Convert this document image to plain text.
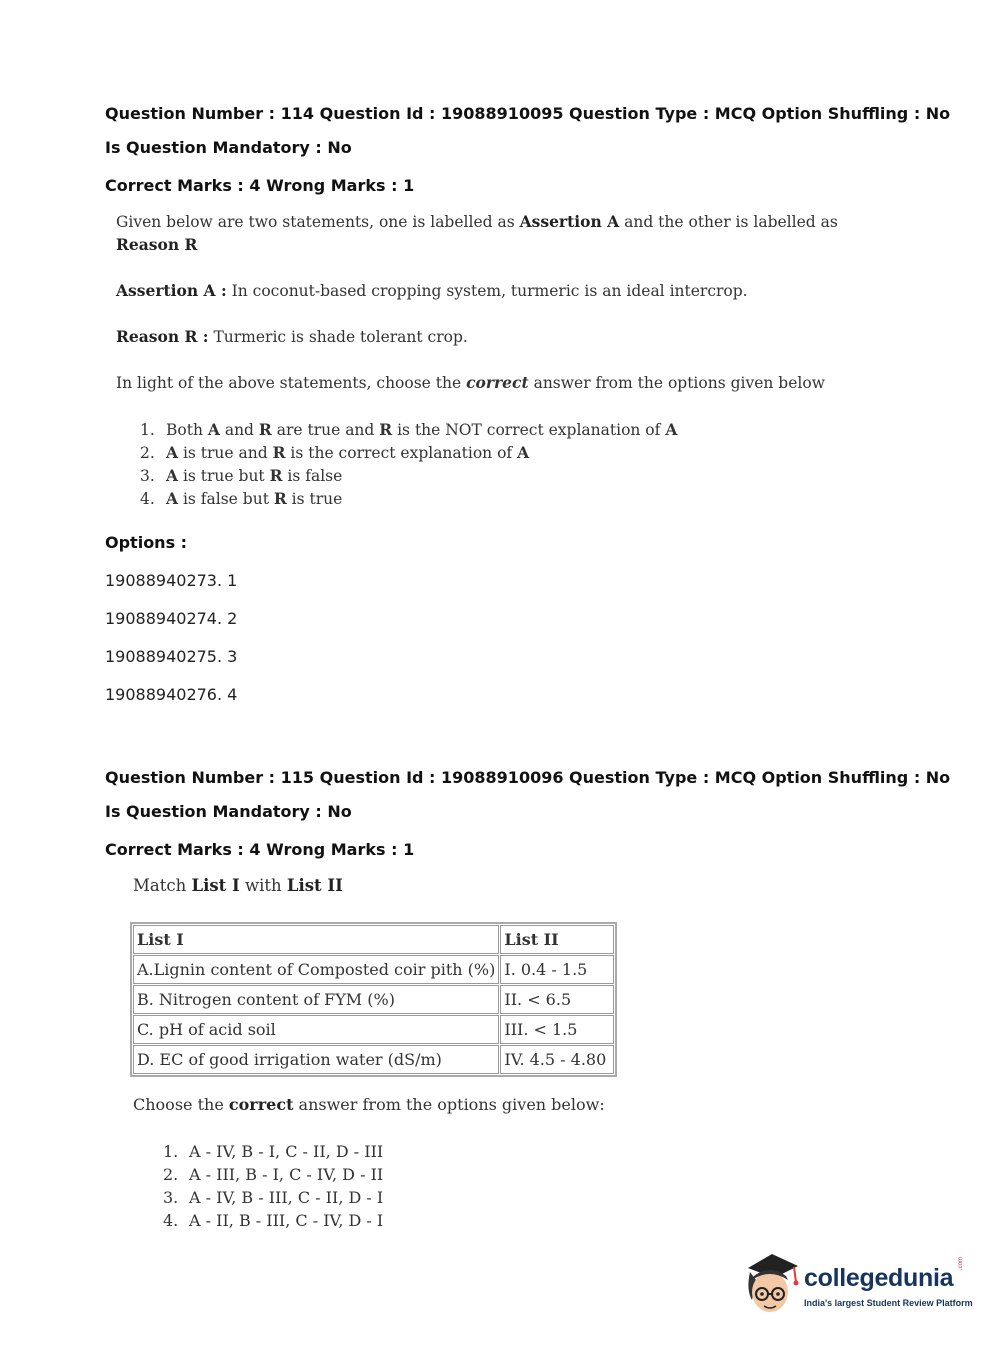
Question Number : 114 Question Id : 19088910095 Question Type : MCQ Option Shuffling : No

Is Question Mandatory : No

Correct Marks : 4 Wrong Marks : 1

Given below are two statements, one is labelled as Assertion A and the other is labelled as

Reason R

Assertion A : In coconut-based cropping system, turmeric is an ideal intercrop.

Reason R : Turmeric is shade tolerant crop.

In light of the above statements, choose the correct answer from the options given below

1. Both A and R are true and R is the NOT correct explanation of A
2. A is true and R is the correct explanation of A
3. A is true but R is false
4. A is false but R is true

Options :

19088940273. 1

19088940274. 2

19088940275. 3

19088940276. 4

Question Number : 115 Question Id : 19088910096 Question Type : MCQ Option Shuffling : No

Is Question Mandatory : No

Correct Marks : 4 Wrong Marks : 1

Match List I with List II

List I	List II
A.Lignin content of Composted coir pith (%)	I. 0.4 - 1.5
B. Nitrogen content of FYM (%)	II. < 6.5
C. pH of acid soil	III. < 1.5
D. EC of good irrigation water (dS/m)	IV. 4.5 - 4.80

Choose the correct answer from the options given below:

1. A - IV, B - I, C - II, D - III
2. A - III, B - I, C - IV, D - II
3. A - IV, B - III, C - II, D - I
4. A - II, B - III, C - IV, D - I

collegedunia

.com

India's largest Student Review Platform
